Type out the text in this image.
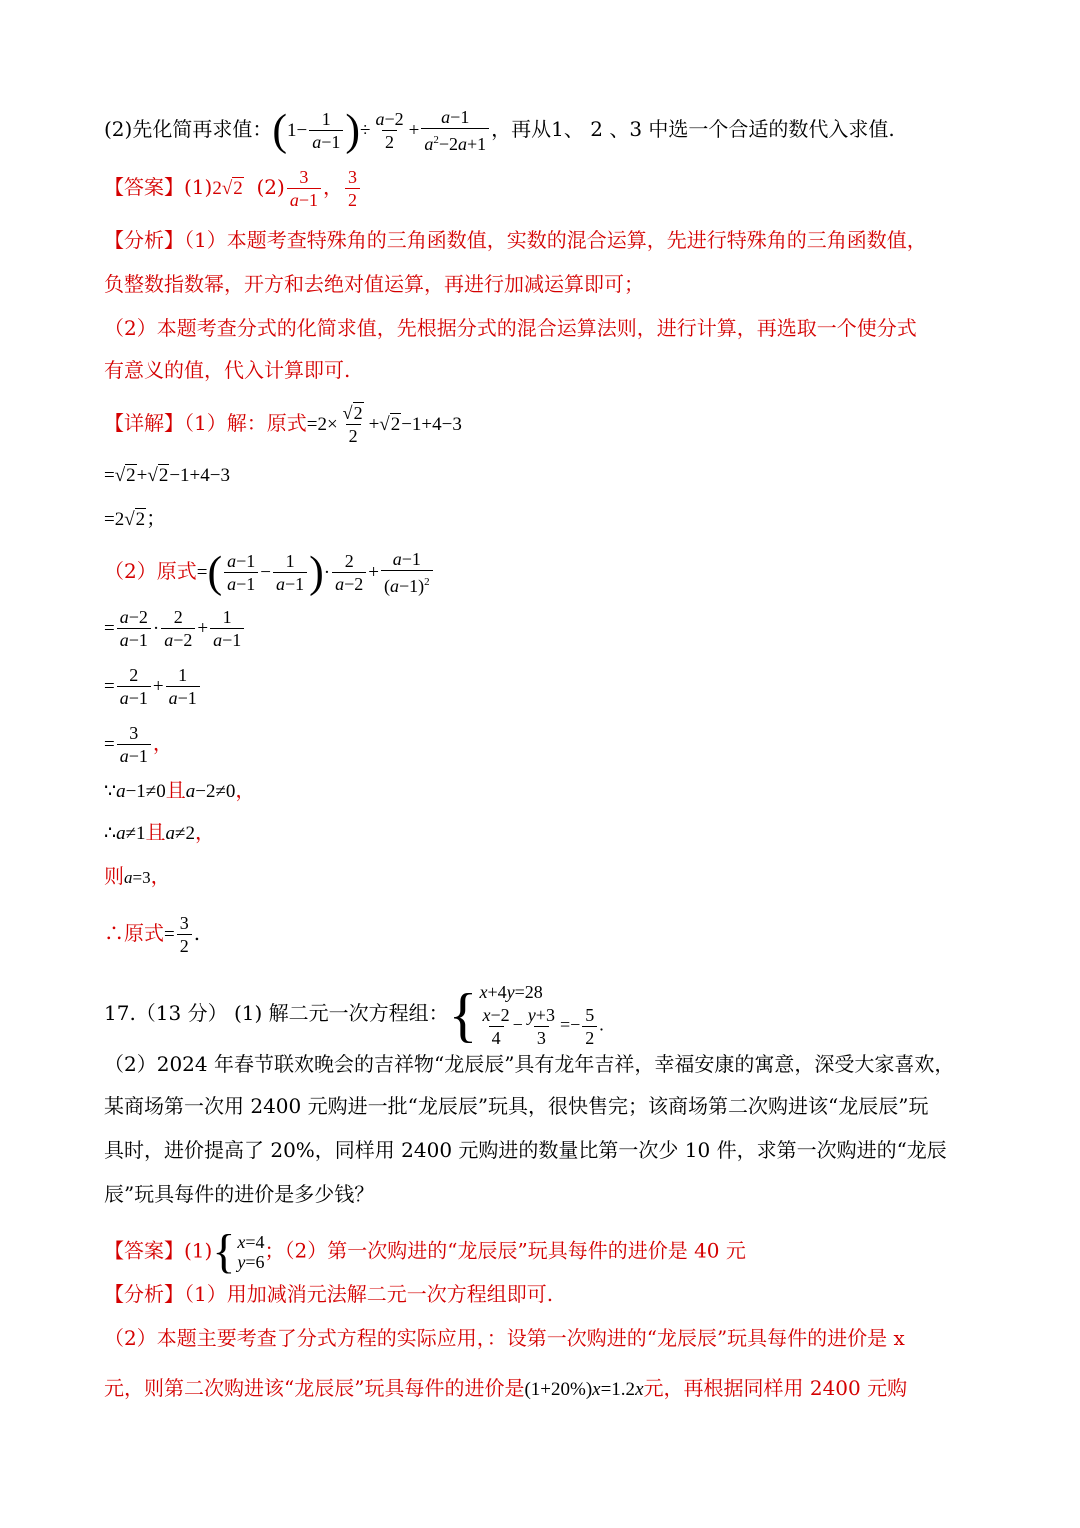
(2)先化简再求值：($1- \frac{1}{a-1}$ )÷ $\frac{a-2}{2} + \frac{a-1}{a^2-2a+1}$ ，再从1、 2 、3 中选一个合适的数代入求值.
【答案】(1)2√2 $(2) \frac{3}{a-1}$ ， $\frac{3}{2}$
【分析】（1）本题考查特殊角的三角函数值，实数的混合运算，先进行特殊角的三角函数值，
负整数指数幂，开方和去绝对值运算，再进行加减运算即可；
（2）本题考查分式的化简求值，先根据分式的混合运算法则，进行计算，再选取一个使分式
有意义的值，代入计算即可.
【详解】（1）解：原式$=2\times \frac{√2}{2} +√2-1+4-3$
=√2+√2−1+4−3
=2√2；
（2）原式=( $\frac{a-1}{a-1} - \frac{1}{a-1}$ )· $\frac{2}{a-2} + \frac{a-1}{(a-1)^2}$
= $\frac{a-2}{a-1} \cdot \frac{2}{a-2} + \frac{1}{a-1}$
= $\frac{2}{a-1} + \frac{1}{a-1}$
= $\frac{3}{a-1}$ ，
∵a−1≠0且a−2≠0，
∴a≠1且a≠2，
则a=3，
∴原式= $\frac{3}{2}$ .
17.（13 分） (1) 解二元一次方程组： { x+4y=28
$\frac{x-2}{4} - \frac{y+3}{3} =- \frac{5}{2}$ .
（2）2024 年春节联欢晚会的吉祥物“龙辰辰”具有龙年吉祥，幸福安康的寓意，深受大家喜欢，
某商场第一次用 2400 元购进一批“龙辰辰”玩具，很快售完；该商场第二次购进该“龙辰辰”玩
具时，进价提高了 20%，同样用 2400 元购进的数量比第一次少 10 件，求第一次购进的“龙辰
辰”玩具每件的进价是多少钱？
【答案】(1) { x=4
y=6 ；（2）第一次购进的“龙辰辰”玩具每件的进价是 40 元
【分析】（1）用加减消元法解二元一次方程组即可.
（2）本题主要考查了分式方程的实际应用，：设第一次购进的“龙辰辰”玩具每件的进价是 x
元，则第二次购进该“龙辰辰”玩具每件的进价是(1+20%)x=1.2x元，再根据同样用 2400 元购
